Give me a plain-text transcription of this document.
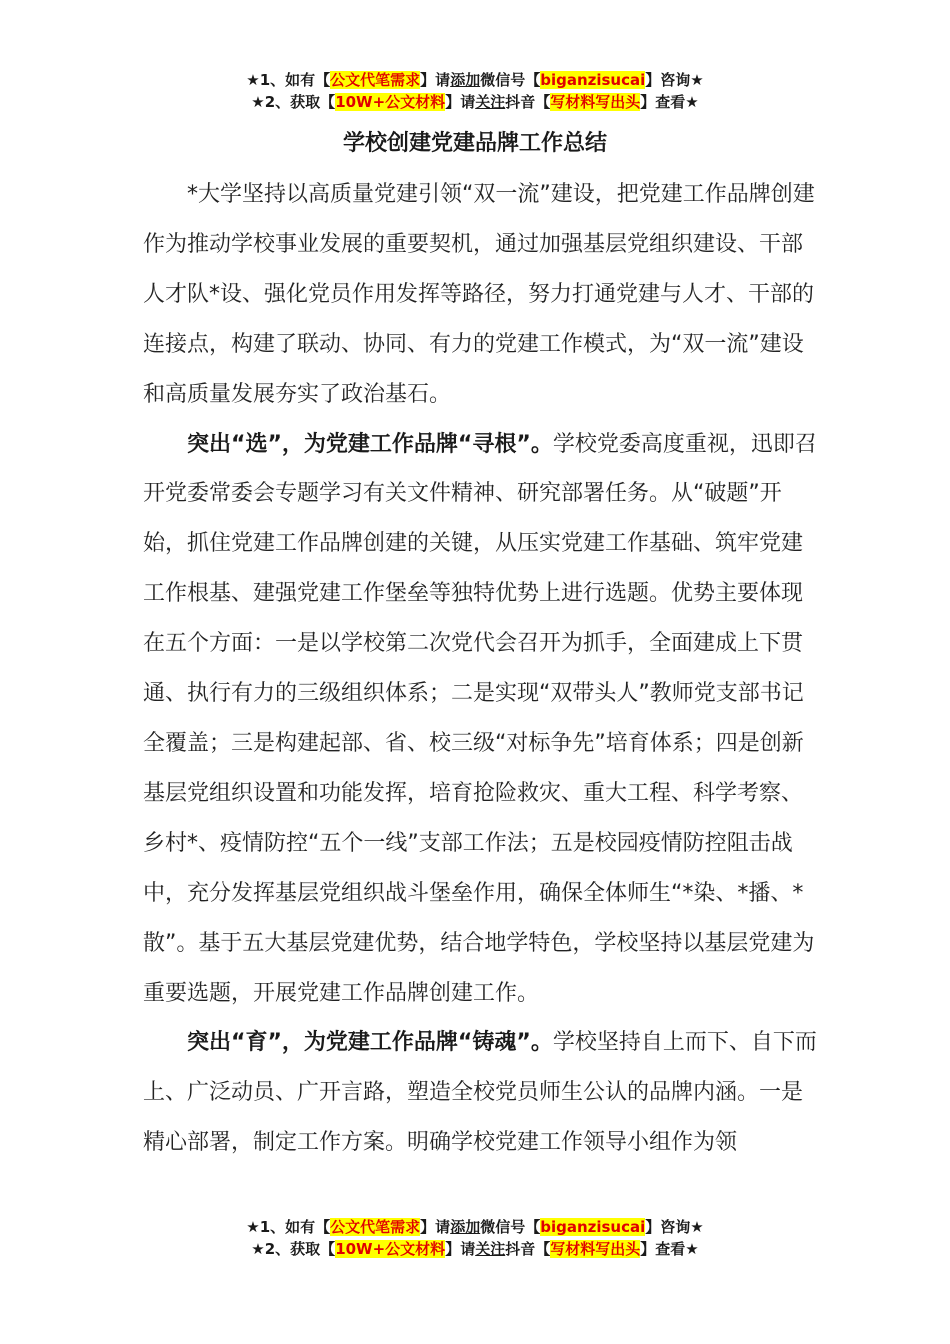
★1、如有【公文代笔需求】请添加微信号【biganzisucai】咨询★
★2、获取【10W+公文材料】请关注抖音【写材料写出头】查看★
学校创建党建品牌工作总结

*大学坚持以高质量党建引领“双一流”建设，把党建工作品牌创建作为推动学校事业发展的重要契机，通过加强基层党组织建设、干部人才队*设、强化党员作用发挥等路径，努力打通党建与人才、干部的连接点，构建了联动、协同、有力的党建工作模式，为“双一流”建设和高质量发展夯实了政治基石。

突出“选”，为党建工作品牌“寻根”。学校党委高度重视，迅即召开党委常委会专题学习有关文件精神、研究部署任务。从“破题”开始，抓住党建工作品牌创建的关键，从压实党建工作基础、筑牢党建工作根基、建强党建工作堡垒等独特优势上进行选题。优势主要体现在五个方面：一是以学校第二次党代会召开为抓手，全面建成上下贯通、执行有力的三级组织体系；二是实现“双带头人”教师党支部书记全覆盖；三是构建起部、省、校三级“对标争先”培育体系；四是创新基层党组织设置和功能发挥，培育抢险救灾、重大工程、科学考察、乡村*、疫情防控“五个一线”支部工作法；五是校园疫情防控阻击战中，充分发挥基层党组织战斗堡垒作用，确保全体师生“*染、*播、*散”。基于五大基层党建优势，结合地学特色，学校坚持以基层党建为重要选题，开展党建工作品牌创建工作。

突出“育”，为党建工作品牌“铸魂”。学校坚持自上而下、自下而上、广泛动员、广开言路，塑造全校党员师生公认的品牌内涵。一是精心部署，制定工作方案。明确学校党建工作领导小组作为领

★1、如有【公文代笔需求】请添加微信号【biganzisucai】咨询★
★2、获取【10W+公文材料】请关注抖音【写材料写出头】查看★
